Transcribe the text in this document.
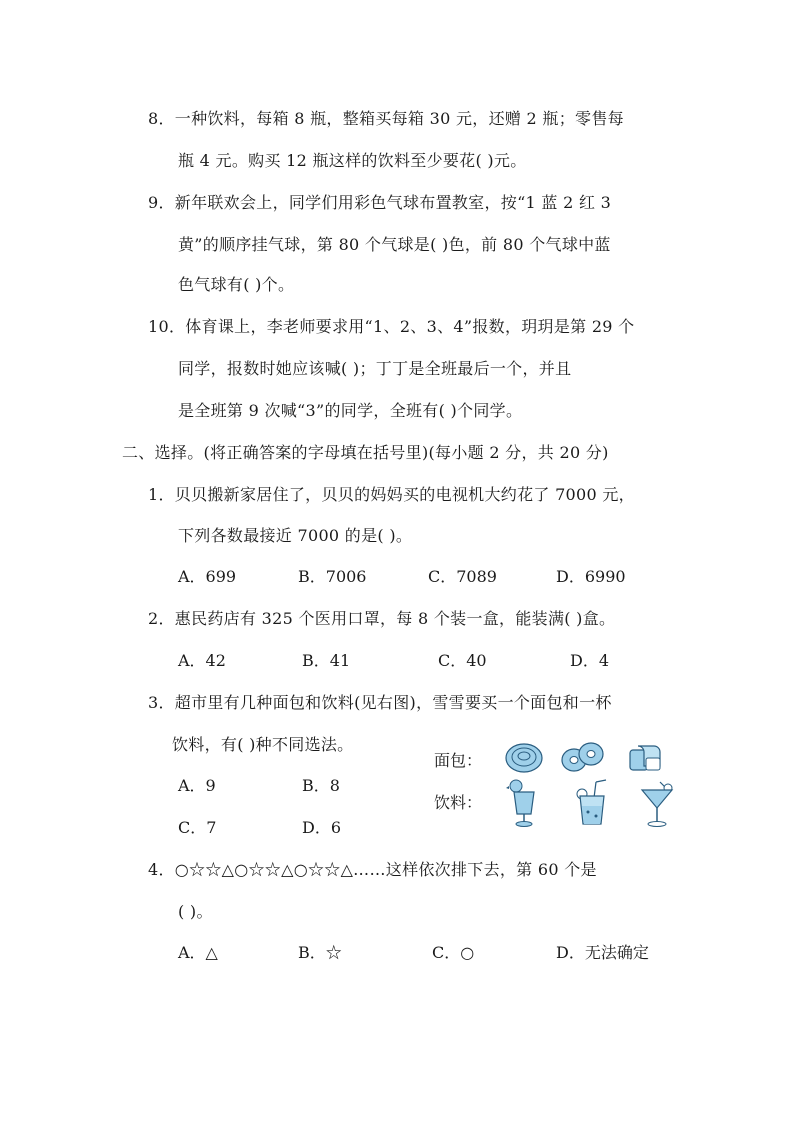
8．一种饮料，每箱 8 瓶，整箱买每箱 30 元，还赠 2 瓶；零售每
瓶 4 元。购买 12 瓶这样的饮料至少要花( )元。
9．新年联欢会上，同学们用彩色气球布置教室，按“1 蓝 2 红 3
黄”的顺序挂气球，第 80 个气球是( )色，前 80 个气球中蓝
色气球有( )个。
10．体育课上，李老师要求用“1、2、3、4”报数，玥玥是第 29 个
同学，报数时她应该喊( )；丁丁是全班最后一个，并且
是全班第 9 次喊“3”的同学，全班有( )个同学。
二、选择。(将正确答案的字母填在括号里)(每小题 2 分，共 20 分)
1．贝贝搬新家居住了，贝贝的妈妈买的电视机大约花了 7000 元，
下列各数最接近 7000 的是( )。
A．699	B．7006	C．7089	D．6990
2．惠民药店有 325 个医用口罩，每 8 个装一盒，能装满( )盒。
A．42	B．41	C．40	D．4
3．超市里有几种面包和饮料(见右图)，雪雪要买一个面包和一杯
饮料，有( )种不同选法。
A．9	B．8
C．7	D．6
面包：
饮料：
4．○☆☆△○☆☆△○☆☆△……这样依次排下去，第 60 个是
( )。
A．△	B．☆	C．○	D．无法确定
